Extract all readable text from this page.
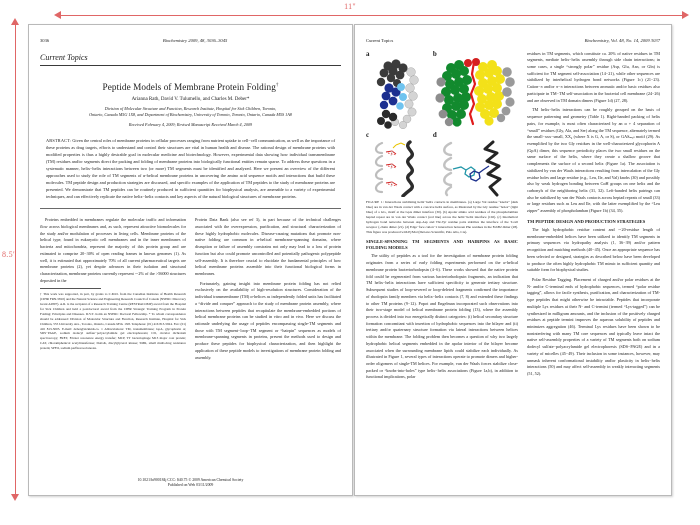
11"
8.5"
3036	Biochemistry 2009, 48, 3036–3045
Current Topics
Peptide Models of Membrane Protein Folding†
Arianna Rath, David V. Tulumello, and Charles M. Deber*
Division of Molecular Structure and Function, Research Institute, Hospital for Sick Children, Toronto,
Ontario, Canada M5G 1X8, and Department of Biochemistry, University of Toronto, Toronto, Ontario, Canada M5S 1A8
Received February 4, 2009; Revised Manuscript Received March 4, 2009
ABSTRACT: Given the central roles of membrane proteins in cellular processes ranging from nutrient uptake to cell−cell communication, as well as the importance of these proteins as drug targets, efforts to understand and control their structures are vital in human health and disease. The rational design of membrane proteins with modified properties is thus a highly desirable goal in molecular medicine and biotechnology. However, experimental data showing how individual transmembrane (TM) residues and/or segments direct the packing and folding of membrane proteins into biologically functional entities remain sparse. To address these questions in a systematic manner, helix−helix interactions between two (or more) TM segments must be identified and analyzed. Here we present an overview of the different approaches used to study the role of TM segments of α-helical membrane proteins in uncovering the amino acid sequence motifs and interactions that build these molecules. TM peptide design and production strategies are discussed, and specific examples of the application of TM peptides to the study of membrane proteins are presented. We demonstrate that TM peptides can be routinely produced in sufficient quantities for biophysical analysis, are amenable to a variety of experimental techniques, and can effectively replicate the native helix−helix contacts and key aspects of the natural biological structures of membrane proteins.

Proteins embedded in membranes regulate the molecular traffic and information flow across biological membranes and, as such, represent attractive biomolecules for the study and/or modulation of processes in living cells. Membrane proteins of the helical type, found in eukaryotic cell membranes and in the inner membranes of bacteria and mitochondria, represent the majority of this protein group and are estimated to comprise 20−30% of open reading frames in known genomes (1). As well, it is estimated that approximately 70% of all current pharmaceutical targets are membrane proteins (2), yet despite advances in their isolation and structural characterization, membrane proteins currently represent ∼2% of the >56000 structures deposited in the

† This work was supported, in part, by grants to C.M.D. from the Canadian Institutes of Health Research (CIHR FRN-5810) and the Natural Science and Engineering Research Council of Canada (NSERC Discovery Grant A2807). A.R. is the recipient of a Research Training Centre (RESTRACOMP) award from the Hospital for Sick Children and held a postdoctoral award from the CIHR Strategic Training Program in Protein Folding: Principles and Diseases. D.V.T. holds an NSERC Doctoral Fellowship. * To whom correspondence should be addressed: Division of Molecular Structure and Function, Research Institute, Hospital for Sick Children, 555 University Ave., Toronto, Ontario, Canada M5G 1X8. Telephone: (01) 416 813-5924. Fax: (01) 416 813-5005. E-mail: deber@sickkids.ca. 1 Abbreviations: TM, transmembrane; GpA, glycophorin A; SDS−PAGE, sodium dodecyl sulfate−polyacrylamide gel electrophoresis; CD, circular dichroism spectroscopy; FRET, Förster resonance energy transfer; MCP, TT bacteriophage M13 major coat protein; CAT, chloramphenicol acetyltransferase; DAGK, diacylglycerol kinase; SMR, small multi-drug resistance protein; SPFO, sodium perfluorooctanoate.

Protein Data Bank (also see ref 3), in part because of the technical challenges associated with the overexpression, purification, and structural characterization of these highly hydrophobic molecules. Disease-causing mutations that promote non-native folding are common in α-helical membrane-spanning domains, where disruption or failure of assembly constrains not only may lead to a loss of protein function but also could promote uncontrolled and potentially pathogenic polypeptide self-assembly. It is therefore crucial to elucidate the fundamental principles of how helical membrane proteins assemble into their functional biological forms in membranes.

Fortunately, gaining insight into membrane protein folding has not relied exclusively on the availability of high-resolution structures. Consideration of the individual transmembrane (TM) α-helices as independently folded units has facilitated a “divide and conquer” approach to the study of membrane protein assembly, where interactions between peptides that recapitulate the membrane-embedded portions of helical membrane proteins can be studied in vitro and in vivo. Here we discuss the rationale underlying the usage of peptides encompassing single-TM segments and those with TM segment−loop−TM segment or “hairpin” sequences as models of membrane-spanning segments in proteins, present the methods used to design and produce these peptides for biophysical characterization, and then highlight the application of these peptide models to investigations of membrane protein folding and assembly.

10.1021/bi900184j CCC: $40.75 © 2009 American Chemical Society
Published on Web 03/11/2009
Current Topics	Biochemistry, Vol. 48, No. 14, 2009 3037
a	b
c	d
FIGURE 1: Interactions stabilizing helix−helix contacts in membranes. (a) Large Val residue “knobs” (dark blue) are in van der Waals contact with a concave helix surface, as illustrated by the Gly residue “holes” (light blue) of a GG₄ motif at the GpA dimer interface (30). (b) Apolar amino acid residues of the phospholamban heptad repeat are in van der Waals contact (red line) across the helix−helix interface (102). (c) Interhelical hydrogen bond networks between Asp-Asp and Thr-Tyr residue pairs stabilize the interface of the T-cell receptor ζ-chain dimer (21). (d) Edge−face cation−π interaction between Phe residues in the FebB2 dimer (28). This figure was produced with PyMol (DeLano Scientific, Palo Alto, CA).
SINGLE-SPANNING TM SEGMENTS AND HAIRPINS AS BASIC FOLDING MODELS

The utility of peptides as a tool for the investigation of membrane protein folding originates from a series of early folding experiments performed on the α-helical membrane protein bacteriorhodopsin (4−6). These works showed that the native protein fold could be regenerated from various bacteriorhodopsin fragments, an indication that TM helix−helix interactions have sufficient specificity to generate tertiary structure. Subsequent studies of loop-severed or loop-deleted fragments confirmed the importance of rhodopsin family members via helix−helix contacts (7, 8) and extended these findings to other TM proteins (9−12). Popot and Engelman incorporated such observations into their two-stage model of helical membrane protein folding (13), where the assembly process is divided into two energetically distinct categories: (i) helical secondary structure formation concomitant with insertion of hydrophobic sequences into the bilayer and (ii) tertiary and/or quaternary structure formation via lateral interactions between helices within the membrane. The folding problem then becomes a question of why two largely hydrophobic helical segments embedded in the apolar interior of the bilayer become associated when the surrounding membrane lipids could stabilize each individually. As illustrated in Figure 1, several types of interactions operate to promote dimers and higher-order oligomers of single-TM helices. For example, van der Waals forces stabilize close-packed or “knobs-into-holes” type helix−helix associations (Figure 1a,b), in addition to functional implications, polar

residues in TM segments, which constitute ca. 20% of native residues in TM segments, mediate helix−helix assembly through side chain interactions; in some cases, a single “strongly polar” residue (Asp, Glu, Asn, or Gln) is sufficient for TM segment self-association (14−21), while other sequences are stabilized by interhelical hydrogen bond networks (Figure 1c) (21−23). Cation−π and/or π−π interactions between aromatic and/or basic residues also participate in TM−TM self-association in the bacterial cell membrane (24−26) and are observed in TM domain dimers (Figure 1d) (27, 28).

TM helix−helix interactions can be roughly grouped on the basis of sequence patterning and geometry (Table 1). Right-handed packing of helix pairs, for example, is most often characterized by an α + 4 separation of “small” residues (Gly, Ala, and Ser) along the TM sequence, alternately termed the small−xxx−small, XX₄ (where X is G, A, or S), or GASₘₐₗₗ motif (29). As exemplified by the two Gly residues in the well-characterized glycophorin A (GpA) dimer, this sequence periodicity places the two small residues on the same surface of the helix, where they create a shallow groove that complements the surface of a second helix (Figure 1a). The association is stabilized by van der Waals interactions resulting from intercalation of the Gly residue holes and large residue (e.g., Leu, Ile, and Val) knobs (30) and possibly also by weak hydrogen bonding between CαH groups on one helix and the carbonyls of the neighboring helix (31, 32). Left-handed helix pairings can also be stabilized by van der Waals contacts across heptad repeats of small (33) or large residues such as Leu and Ile, with the latter exemplified by the “Leu zipper” assembly of phospholamban (Figure 1b) (34, 35).

TM PEPTIDE DESIGN AND PRODUCTION STRATEGIES

The high hydrophobic residue content and ∼20-residue length of membrane-embedded helices have been utilized to identify TM segments in primary sequences via hydropathy analysis (1, 36−39) and/or pattern recognition and matching methods (40−45). Once an appropriate sequence has been selected or designed, strategies as described below have been developed to produce the often highly hydrophobic TM mimic in sufficient quantity and suitable form for biophysical studies.

Polar Residue Tagging. Placement of charged and/or polar residues at the N- and/or C-terminal ends of hydrophobic sequences, termed “polar residue tagging”, allows for facile synthesis, purification, and characterization of TM-type peptides that might otherwise be intractable. Peptides that incorporate multiple Lys residues at their N- and C-termini (termed “Lys-tagged”) can be synthesized in milligram amounts, and the inclusion of the positively charged residues at peptide termini improves the aqueous solubility of peptides and minimizes aggregation (46). Terminal Lys residues have been shown to be noninterfering with many TM core sequences and typically leave intact the native self-assembly properties of a variety of TM segments both on sodium dodecyl sulfate−polyacrylamide gel electrophoresis (SDS−PAGE) and in a variety of micelles (45−49). Their inclusion in some instances, however, may unmask inherent conformational instability and/or plasticity in helix−helix interactions (50) and may affect self-assembly in weakly interacting segments (51, 52).
